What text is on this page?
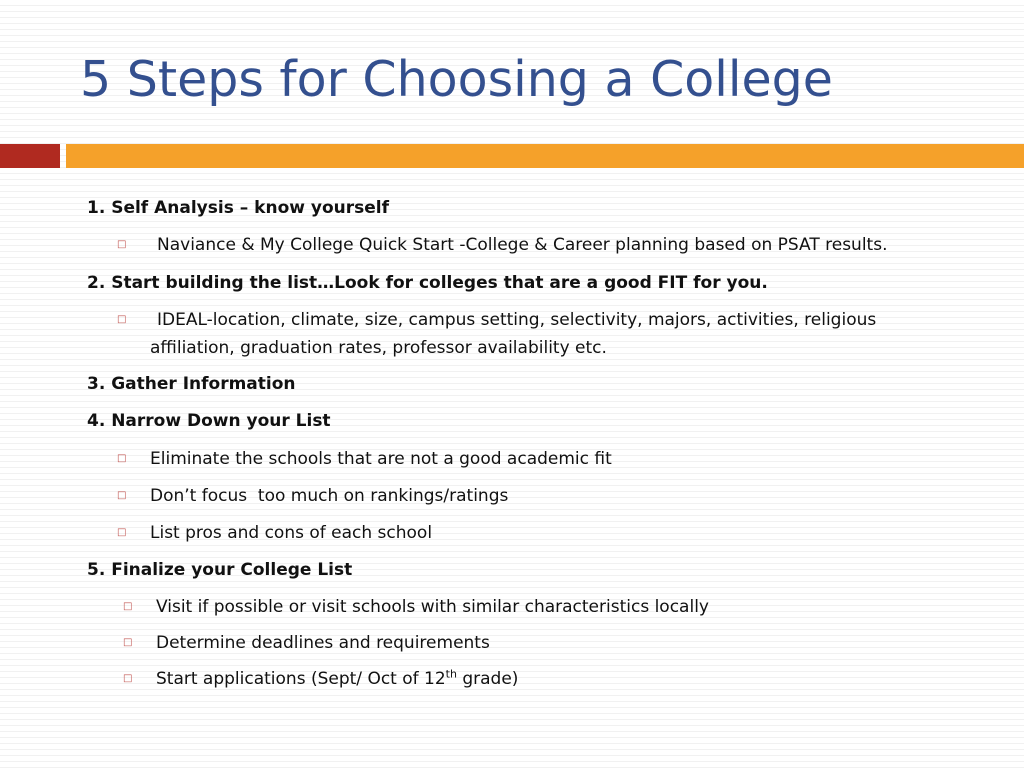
5 Steps for Choosing a College
1. Self Analysis – know yourself
□ Naviance & My College Quick Start -College & Career planning based on PSAT results.
2. Start building the list…Look for colleges that are a good FIT for you.
□ IDEAL-location, climate, size, campus setting, selectivity, majors, activities, religious
affiliation, graduation rates, professor availability etc.
3. Gather Information
4. Narrow Down your List
□ Eliminate the schools that are not a good academic fit
□ Don’t focus  too much on rankings/ratings
□ List pros and cons of each school
5. Finalize your College List
□ Visit if possible or visit schools with similar characteristics locally
□ Determine deadlines and requirements
□ Start applications (Sept/ Oct of 12th grade)
